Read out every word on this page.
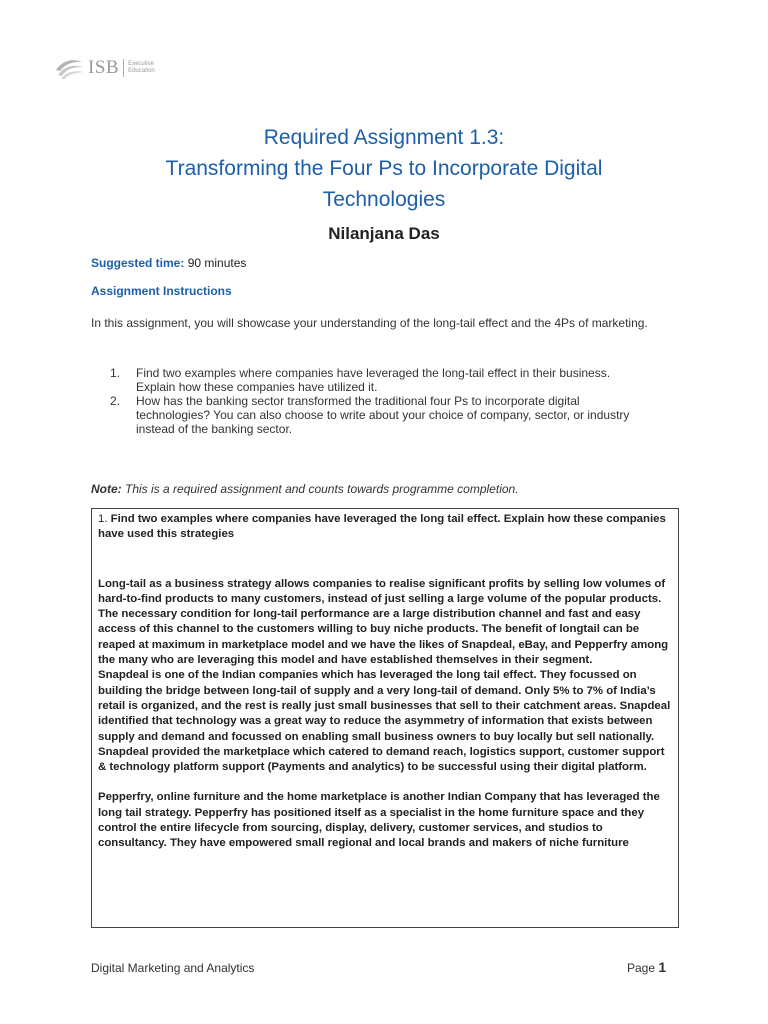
ISB Executive
Education
Required Assignment 1.3:
Transforming the Four Ps to Incorporate Digital
Technologies
Nilanjana Das
Suggested time: 90 minutes
Assignment Instructions
In this assignment, you will showcase your understanding of the long-tail effect and the 4Ps of marketing.
1. Find two examples where companies have leveraged the long-tail effect in their business. Explain how these companies have utilized it.
2. How has the banking sector transformed the traditional four Ps to incorporate digital technologies? You can also choose to write about your choice of company, sector, or industry instead of the banking sector.
Note: This is a required assignment and counts towards programme completion.
1. Find two examples where companies have leveraged the long tail effect. Explain how these companies have used this strategies

Long-tail as a business strategy allows companies to realise significant profits by selling low volumes of hard-to-find products to many customers, instead of just selling a large volume of the popular products. The necessary condition for long-tail performance are a large distribution channel and fast and easy access of this channel to the customers willing to buy niche products. The benefit of longtail can be reaped at maximum in marketplace model and we have the likes of Snapdeal, eBay, and Pepperfry among the many who are leveraging this model and have established themselves in their segment.

Snapdeal is one of the Indian companies which has leveraged the long tail effect. They focussed on building the bridge between long-tail of supply and a very long-tail of demand. Only 5% to 7% of India’s retail is organized, and the rest is really just small businesses that sell to their catchment areas. Snapdeal identified that technology was a great way to reduce the asymmetry of information that exists between supply and demand and focussed on enabling small business owners to buy locally but sell nationally. Snapdeal provided the marketplace which catered to demand reach, logistics support, customer support & technology platform support (Payments and analytics) to be successful using their digital platform.

Pepperfry, online furniture and the home marketplace is another Indian Company that has leveraged the long tail strategy. Pepperfry has positioned itself as a specialist in the home furniture space and they control the entire lifecycle from sourcing, display, delivery, customer services, and studios to consultancy. They have empowered small regional and local brands and makers of niche furniture

Digital Marketing and Analytics	Page 1
